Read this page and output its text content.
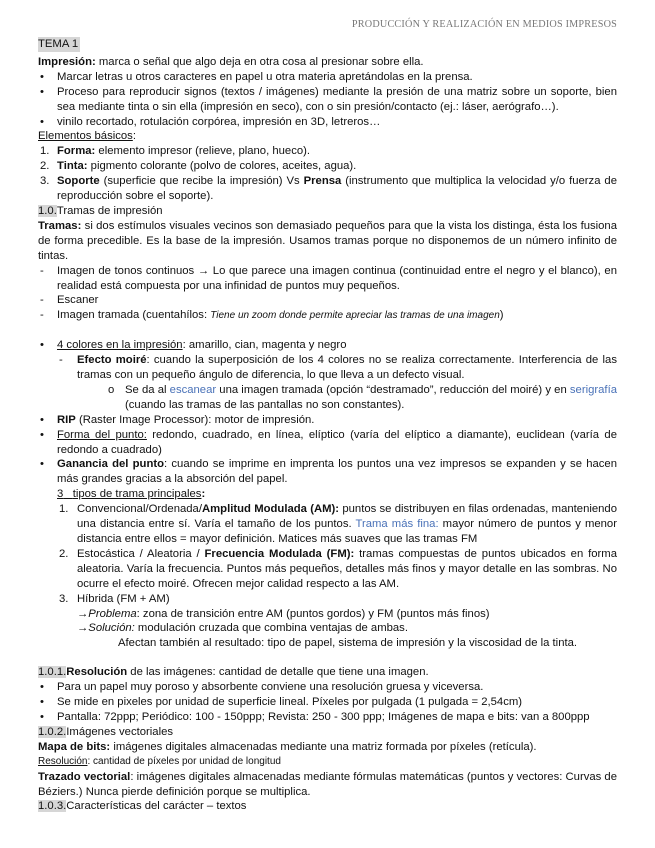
PRODUCCIÓN Y REALIZACIÓN EN MEDIOS IMPRESOS
TEMA 1

Impresión: marca o señal que algo deja en otra cosa al presionar sobre ella.

• Marcar letras u otros caracteres en papel u otra materia apretándolas en la prensa.
• Proceso para reproducir signos (textos / imágenes) mediante la presión de una matriz sobre un soporte, bien sea mediante tinta o sin ella (impresión en seco), con o sin presión/contacto (ej.: láser, aerógrafo…).
• vinilo recortado, rotulación corpórea, impresión en 3D, letreros…

Elementos básicos:

1. Forma: elemento impresor (relieve, plano, hueco).
2. Tinta: pigmento colorante (polvo de colores, aceites, agua).
3. Soporte (superficie que recibe la impresión) Vs Prensa (instrumento que multiplica la velocidad y/o fuerza de reproducción sobre el soporte).

1.0.Tramas de impresión

Tramas: si dos estímulos visuales vecinos son demasiado pequeños para que la vista los distinga, ésta los fusiona de forma precedible. Es la base de la impresión. Usamos tramas porque no disponemos de un número infinito de tintas.

- Imagen de tonos continuos → Lo que parece una imagen continua (continuidad entre el negro y el blanco), en realidad está compuesta por una infinidad de puntos muy pequeños.
- Escaner
- Imagen tramada (cuentahílos: Tiene un zoom donde permite apreciar las tramas de una imagen)
• 4 colores en la impresión: amarillo, cian, magenta y negro
- Efecto moiré: cuando la superposición de los 4 colores no se realiza correctamente. Interferencia de las tramas con un pequeño ángulo de diferencia, lo que lleva a un defecto visual.
o Se da al escanear una imagen tramada (opción “destramado”, reducción del moiré) y en serigrafía (cuando las tramas de las pantallas no son constantes).
• RIP (Raster Image Processor): motor de impresión.
• Forma del punto: redondo, cuadrado, en línea, elíptico (varía del elíptico a diamante), euclidean (varía de redondo a cuadrado)
• Ganancia del punto: cuando se imprime en imprenta los puntos una vez impresos se expanden y se hacen más grandes gracias a la absorción del papel.
3 tipos de trama principales:
1. Convencional/Ordenada/Amplitud Modulada (AM): puntos se distribuyen en filas ordenadas, manteniendo una distancia entre sí. Varía el tamaño de los puntos. Trama más fina: mayor número de puntos y menor distancia entre ellos = mayor definición. Matices más suaves que las tramas FM
2. Estocástica / Aleatoria / Frecuencia Modulada (FM): tramas compuestas de puntos ubicados en forma aleatoria. Varía la frecuencia. Puntos más pequeños, detalles más finos y mayor detalle en las sombras. No ocurre el efecto moiré. Ofrecen mejor calidad respecto a las AM.
3. Híbrida (FM + AM)
→Problema: zona de transición entre AM (puntos gordos) y FM (puntos más finos)
→Solución: modulación cruzada que combina ventajas de ambas.
Afectan también al resultado: tipo de papel, sistema de impresión y la viscosidad de la tinta.

1.0.1.Resolución de las imágenes: cantidad de detalle que tiene una imagen.

• Para un papel muy poroso y absorbente conviene una resolución gruesa y viceversa.
• Se mide en pixeles por unidad de superficie lineal. Píxeles por pulgada (1 pulgada = 2,54cm)
• Pantalla: 72ppp; Periódico: 100 - 150ppp; Revista: 250 - 300 ppp; Imágenes de mapa e bits: van a 800ppp

1.0.2.Imágenes vectoriales

Mapa de bits: imágenes digitales almacenadas mediante una matriz formada por píxeles (retícula).

Resolución: cantidad de píxeles por unidad de longitud

Trazado vectorial: imágenes digitales almacenadas mediante fórmulas matemáticas (puntos y vectores: Curvas de Béziers.) Nunca pierde definición porque se multiplica.

1.0.3.Características del carácter – textos
